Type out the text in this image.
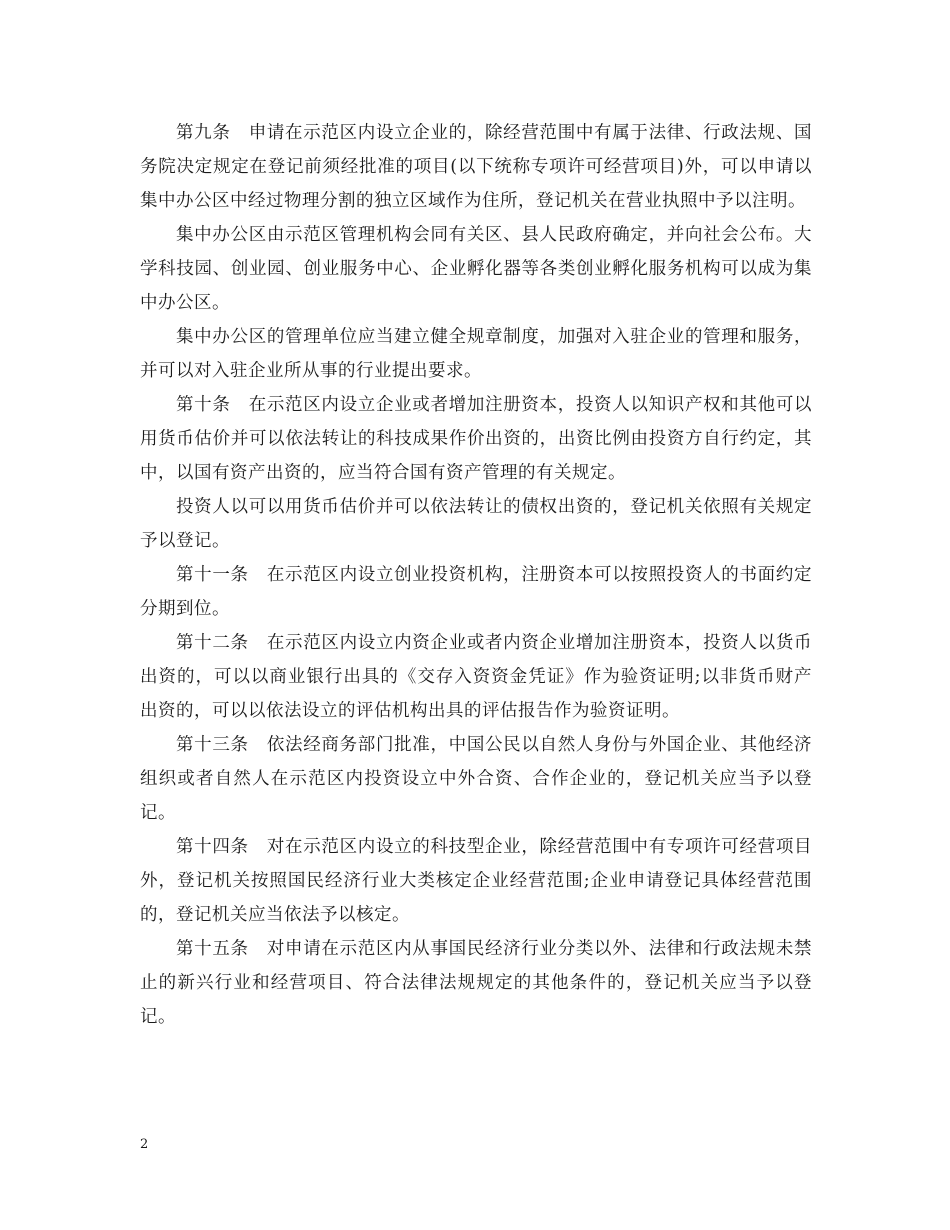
第九条　申请在示范区内设立企业的，除经营范围中有属于法律、行政法规、国务院决定规定在登记前须经批准的项目(以下统称专项许可经营项目)外，可以申请以集中办公区中经过物理分割的独立区域作为住所，登记机关在营业执照中予以注明。

集中办公区由示范区管理机构会同有关区、县人民政府确定，并向社会公布。大学科技园、创业园、创业服务中心、企业孵化器等各类创业孵化服务机构可以成为集中办公区。

集中办公区的管理单位应当建立健全规章制度，加强对入驻企业的管理和服务，并可以对入驻企业所从事的行业提出要求。

第十条　在示范区内设立企业或者增加注册资本，投资人以知识产权和其他可以用货币估价并可以依法转让的科技成果作价出资的，出资比例由投资方自行约定，其中，以国有资产出资的，应当符合国有资产管理的有关规定。

投资人以可以用货币估价并可以依法转让的债权出资的，登记机关依照有关规定予以登记。

第十一条　在示范区内设立创业投资机构，注册资本可以按照投资人的书面约定分期到位。

第十二条　在示范区内设立内资企业或者内资企业增加注册资本，投资人以货币出资的，可以以商业银行出具的《交存入资资金凭证》作为验资证明;以非货币财产出资的，可以以依法设立的评估机构出具的评估报告作为验资证明。

第十三条　依法经商务部门批准，中国公民以自然人身份与外国企业、其他经济组织或者自然人在示范区内投资设立中外合资、合作企业的，登记机关应当予以登记。

第十四条　对在示范区内设立的科技型企业，除经营范围中有专项许可经营项目外，登记机关按照国民经济行业大类核定企业经营范围;企业申请登记具体经营范围的，登记机关应当依法予以核定。

第十五条　对申请在示范区内从事国民经济行业分类以外、法律和行政法规未禁止的新兴行业和经营项目、符合法律法规规定的其他条件的，登记机关应当予以登记。

2
